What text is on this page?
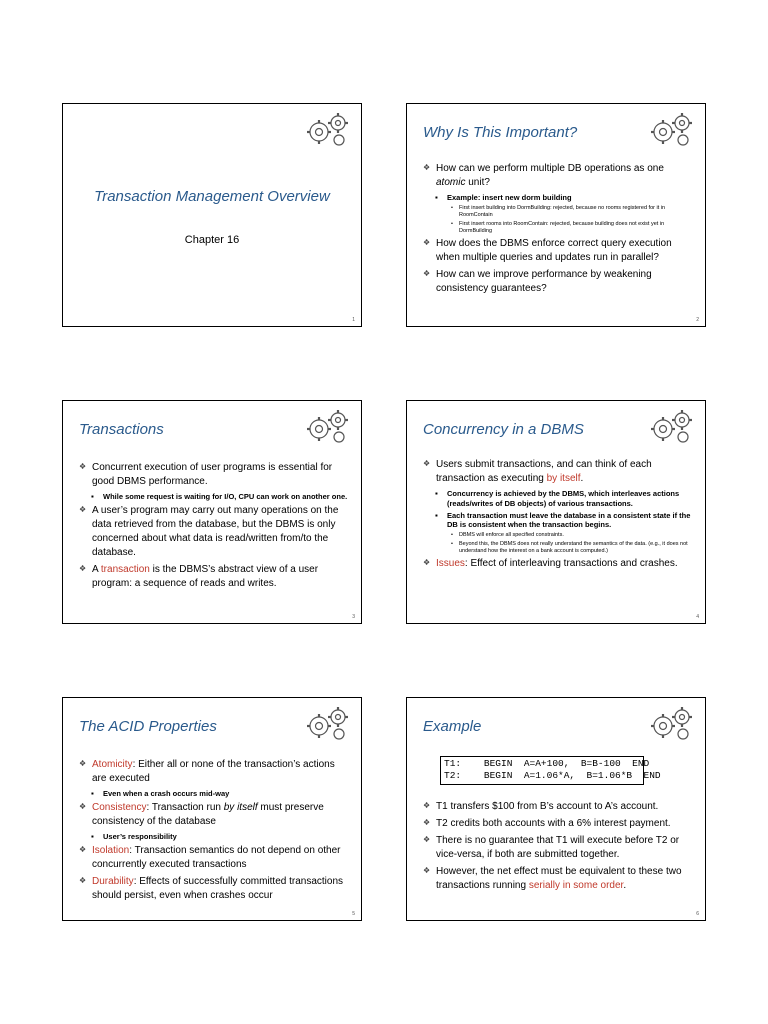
Transaction Management Overview
Chapter 16
1
Why Is This Important?
❖ How can we perform multiple DB operations as one atomic unit?
▪ Example: insert new dorm building
• First insert building into DormBuilding: rejected, because no rooms registered for it in RoomContain
• First insert rooms into RoomContain: rejected, because building does not exist yet in DormBuilding
❖ How does the DBMS enforce correct query execution when multiple queries and updates run in parallel?
❖ How can we improve performance by weakening consistency guarantees?
2
Transactions
❖ Concurrent execution of user programs is essential for good DBMS performance.
▪ While some request is waiting for I/O, CPU can work on another one.
❖ A user’s program may carry out many operations on the data retrieved from the database, but the DBMS is only concerned about what data is read/written from/to the database.
❖ A transaction is the DBMS’s abstract view of a user program: a sequence of reads and writes.
3
Concurrency in a DBMS
❖ Users submit transactions, and can think of each transaction as executing by itself.
▪ Concurrency is achieved by the DBMS, which interleaves actions (reads/writes of DB objects) of various transactions.
▪ Each transaction must leave the database in a consistent state if the DB is consistent when the transaction begins.
• DBMS will enforce all specified constraints.
• Beyond this, the DBMS does not really understand the semantics of the data. (e.g., it does not understand how the interest on a bank account is computed.)
❖ Issues: Effect of interleaving transactions and crashes.
4
The ACID Properties
❖ Atomicity: Either all or none of the transaction’s actions are executed
▪ Even when a crash occurs mid-way
❖ Consistency: Transaction run by itself must preserve consistency of the database
▪ User’s responsibility
❖ Isolation: Transaction semantics do not depend on other concurrently executed transactions
❖ Durability: Effects of successfully committed transactions should persist, even when crashes occur
5
Example
T1:    BEGIN  A=A+100,  B=B-100  END
T2:    BEGIN  A=1.06*A,  B=1.06*B  END
❖ T1 transfers $100 from B’s account to A’s account.
❖ T2 credits both accounts with a 6% interest payment.
❖ There is no guarantee that T1 will execute before T2 or vice-versa, if both are submitted together.
❖ However, the net effect must be equivalent to these two transactions running serially in some order.
6
